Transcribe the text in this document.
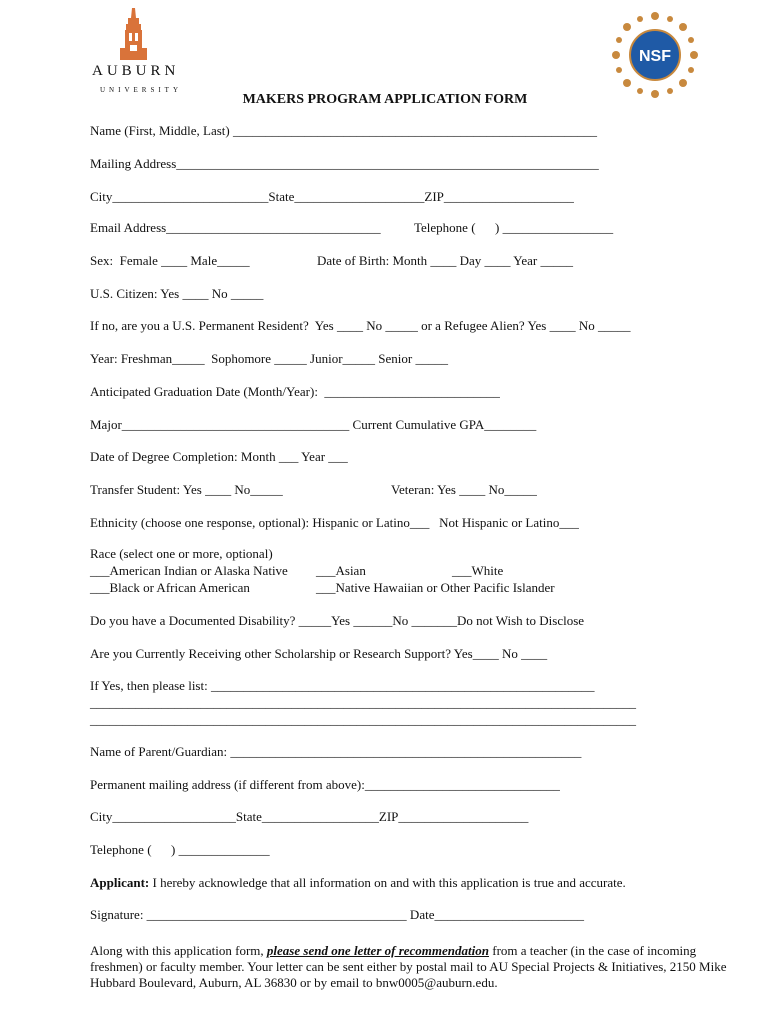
AUBURN
UNIVERSITY
NSF
MAKERS PROGRAM APPLICATION FORM
Name (First, Middle, Last) ________________________________________________________
Mailing Address_________________________________________________________________
City________________________State____________________ZIP____________________
Email Address_________________________________	Telephone (      ) _________________
Sex:  Female ____ Male_____	Date of Birth: Month ____ Day ____ Year _____
U.S. Citizen: Yes ____ No _____
If no, are you a U.S. Permanent Resident?  Yes ____ No _____ or a Refugee Alien? Yes ____ No _____
Year: Freshman_____  Sophomore _____ Junior_____ Senior _____
Anticipated Graduation Date (Month/Year):  ___________________________
Major___________________________________ Current Cumulative GPA________
Date of Degree Completion: Month ___ Year ___
Transfer Student: Yes ____ No_____	Veteran: Yes ____ No_____
Ethnicity (choose one response, optional): Hispanic or Latino___   Not Hispanic or Latino___
Race (select one or more, optional)
___American Indian or Alaska Native ___Asian	___White
___Black or African American	___Native Hawaiian or Other Pacific Islander
Do you have a Documented Disability? _____Yes ______No _______Do not Wish to Disclose
Are you Currently Receiving other Scholarship or Research Support? Yes____ No ____
If Yes, then please list: ___________________________________________________________
____________________________________________________________________________________
____________________________________________________________________________________
Name of Parent/Guardian: ______________________________________________________
Permanent mailing address (if different from above):______________________________
City___________________State__________________ZIP____________________
Telephone (      ) ______________
Applicant: I hereby acknowledge that all information on and with this application is true and accurate.
Signature: ________________________________________ Date_______________________
Along with this application form, please send one letter of recommendation from a teacher (in the case of incoming freshmen) or faculty member. Your letter can be sent either by postal mail to AU Special Projects & Initiatives, 2150 Mike Hubbard Boulevard, Auburn, AL 36830 or by email to bnw0005@auburn.edu.
